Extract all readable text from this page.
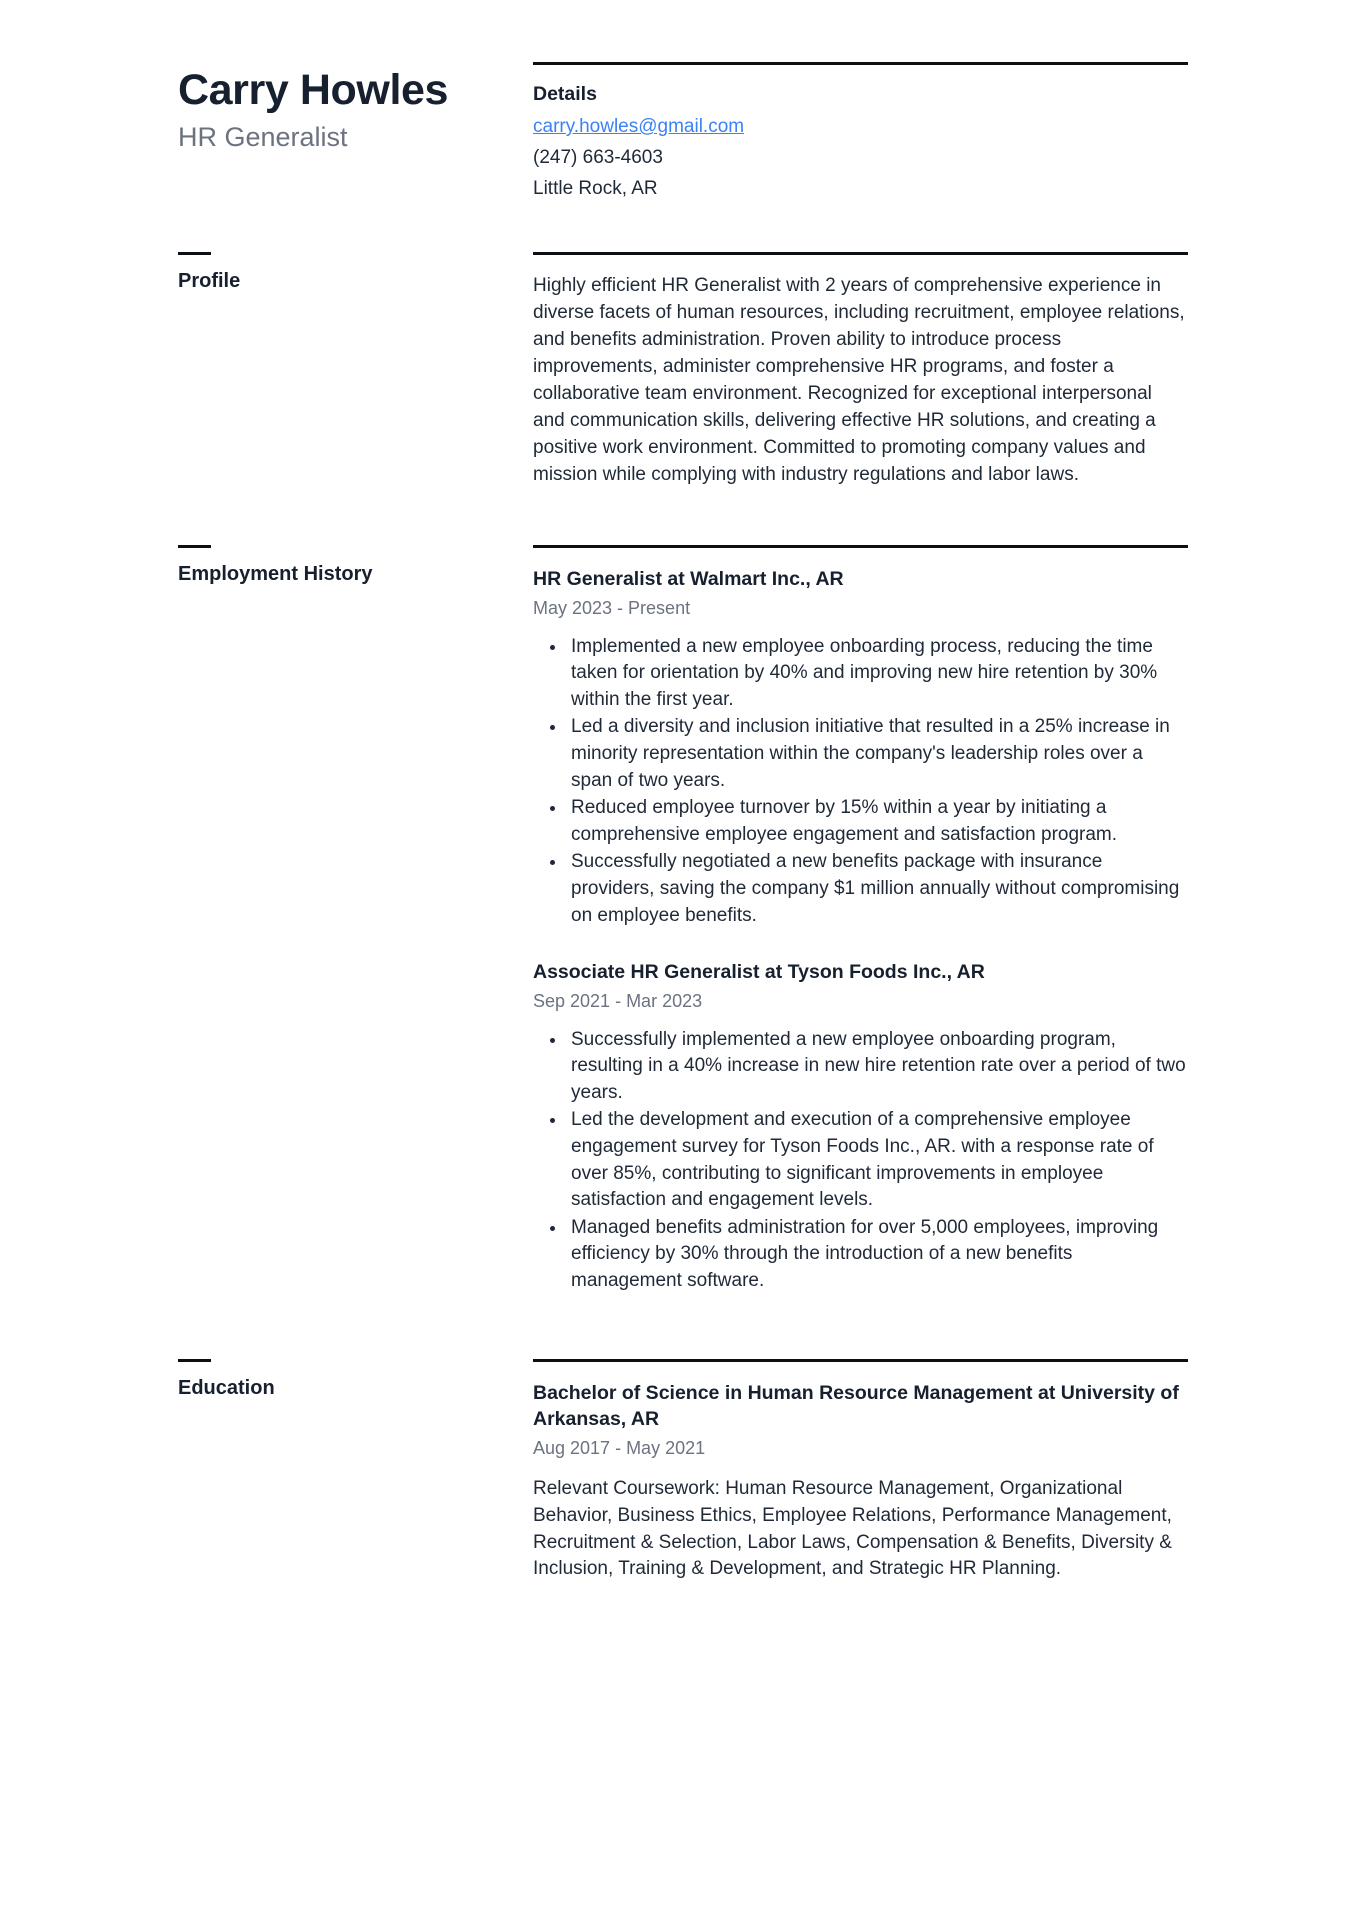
Carry Howles
HR Generalist
Details
carry.howles@gmail.com
(247) 663-4603
Little Rock, AR
Profile	Highly efficient HR Generalist with 2 years of comprehensive experience in diverse facets of human resources, including recruitment, employee relations, and benefits administration. Proven ability to introduce process improvements, administer comprehensive HR programs, and foster a collaborative team environment. Recognized for exceptional interpersonal and communication skills, delivering effective HR solutions, and creating a positive work environment. Committed to promoting company values and mission while complying with industry regulations and labor laws.

Employment History	HR Generalist at Walmart Inc., AR
May 2023 - Present
• Implemented a new employee onboarding process, reducing the time taken for orientation by 40% and improving new hire retention by 30% within the first year.
• Led a diversity and inclusion initiative that resulted in a 25% increase in minority representation within the company's leadership roles over a span of two years.
• Reduced employee turnover by 15% within a year by initiating a comprehensive employee engagement and satisfaction program.
• Successfully negotiated a new benefits package with insurance providers, saving the company $1 million annually without compromising on employee benefits.
Associate HR Generalist at Tyson Foods Inc., AR
Sep 2021 - Mar 2023
• Successfully implemented a new employee onboarding program, resulting in a 40% increase in new hire retention rate over a period of two years.
• Led the development and execution of a comprehensive employee engagement survey for Tyson Foods Inc., AR. with a response rate of over 85%, contributing to significant improvements in employee satisfaction and engagement levels.
• Managed benefits administration for over 5,000 employees, improving efficiency by 30% through the introduction of a new benefits management software.
Education	Bachelor of Science in Human Resource Management at University of Arkansas, AR
Aug 2017 - May 2021

Relevant Coursework: Human Resource Management, Organizational Behavior, Business Ethics, Employee Relations, Performance Management, Recruitment & Selection, Labor Laws, Compensation & Benefits, Diversity & Inclusion, Training & Development, and Strategic HR Planning.
